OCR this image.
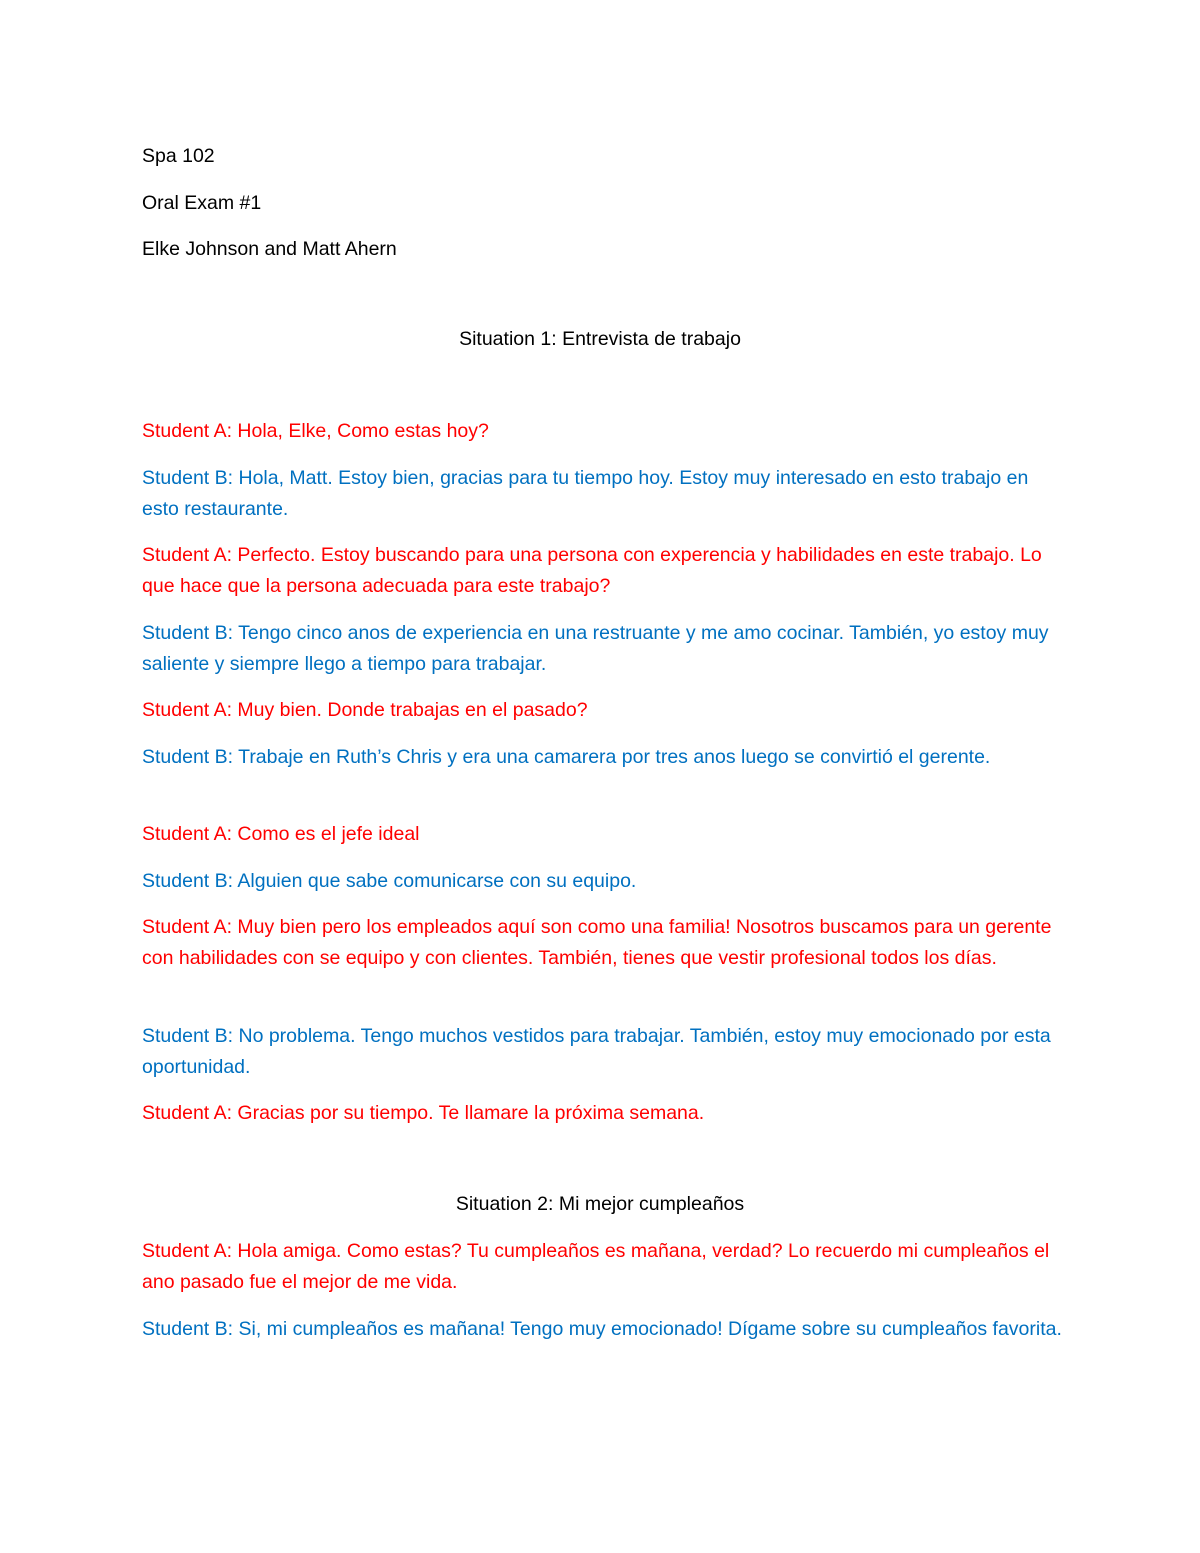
Spa 102
Oral Exam #1
Elke Johnson and Matt Ahern
Situation 1: Entrevista de trabajo

Student A: Hola, Elke, Como estas hoy?

Student B: Hola, Matt. Estoy bien, gracias para tu tiempo hoy. Estoy muy interesado en esto trabajo en esto restaurante.

Student A: Perfecto. Estoy buscando para una persona con experencia y habilidades en este trabajo. Lo que hace que la persona adecuada para este trabajo?

Student B: Tengo cinco anos de experiencia en una restruante y me amo cocinar. También, yo estoy muy saliente y siempre llego a tiempo para trabajar.

Student A: Muy bien. Donde trabajas en el pasado?

Student B: Trabaje en Ruth’s Chris y era una camarera por tres anos luego se convirtió el gerente.

Student A: Como es el jefe ideal

Student B: Alguien que sabe comunicarse con su equipo.

Student A: Muy bien pero los empleados aquí son como una familia! Nosotros buscamos para un gerente con habilidades con se equipo y con clientes. También, tienes que vestir profesional todos los días.

Student B: No problema. Tengo muchos vestidos para trabajar. También, estoy muy emocionado por esta oportunidad.

Student A: Gracias por su tiempo. Te llamare la próxima semana.

Situation 2: Mi mejor cumpleaños

Student A: Hola amiga. Como estas? Tu cumpleaños es mañana, verdad? Lo recuerdo mi cumpleaños el ano pasado fue el mejor de me vida.

Student B: Si, mi cumpleaños es mañana! Tengo muy emocionado! Dígame sobre su cumpleaños favorita.
